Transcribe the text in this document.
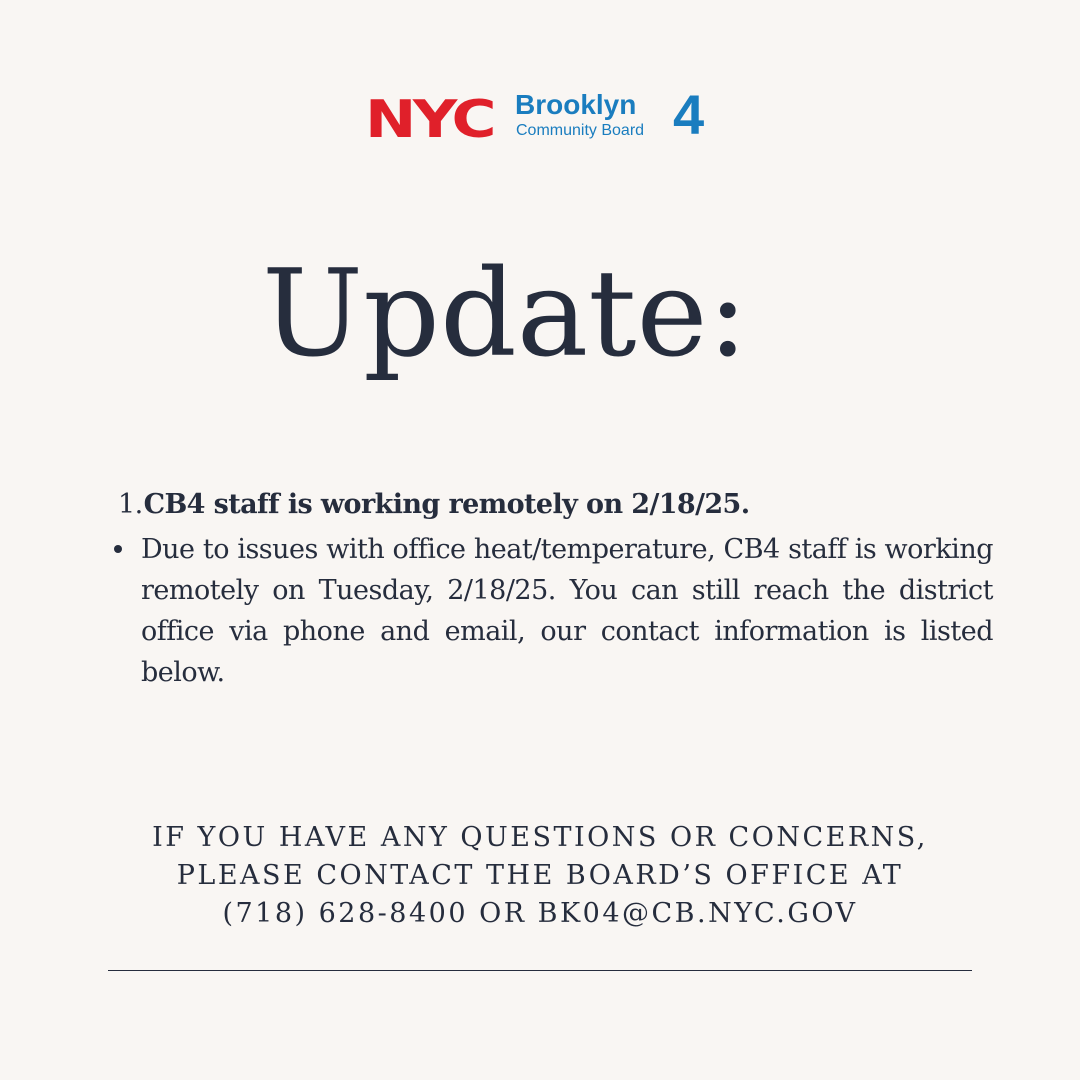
NYC Brooklyn
Community Board 4
Update:
1.CB4 staff is working remotely on 2/18/25.
Due to issues with office heat/temperature, CB4 staff is working remotely on Tuesday, 2/18/25. You can still reach the district office via phone and email, our contact information is listed below.
IF YOU HAVE ANY QUESTIONS OR CONCERNS,
PLEASE CONTACT THE BOARD’S OFFICE AT
(718) 628-8400 OR BK04@CB.NYC.GOV
